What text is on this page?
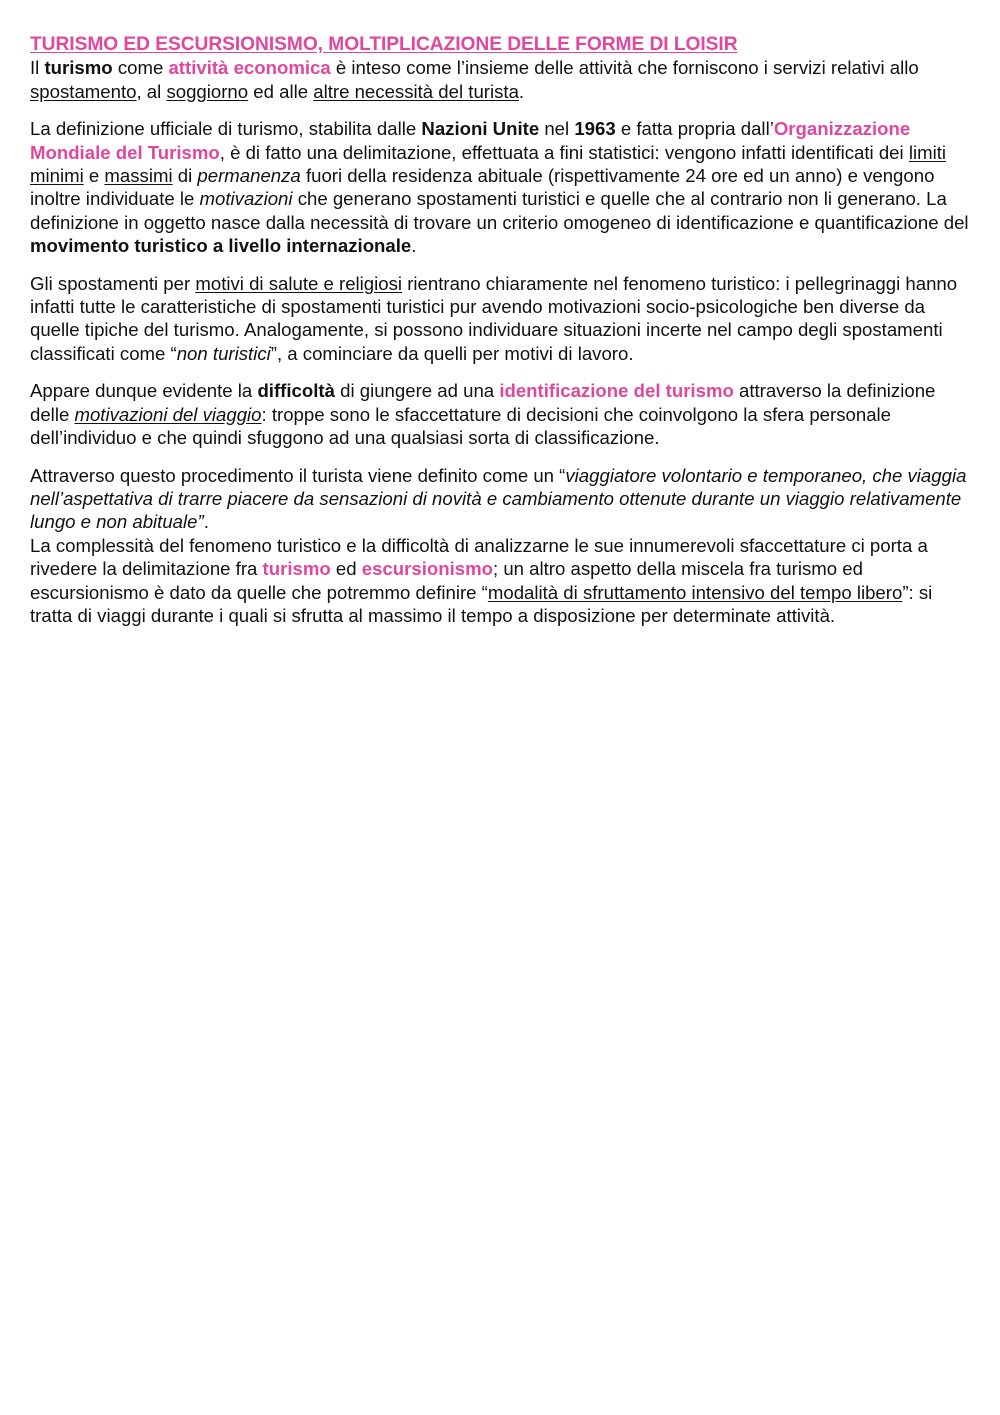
TURISMO ED ESCURSIONISMO, MOLTIPLICAZIONE DELLE FORME DI LOISIR

Il turismo come attività economica è inteso come l’insieme delle attività che forniscono i servizi relativi allo spostamento, al soggiorno ed alle altre necessità del turista.

La definizione ufficiale di turismo, stabilita dalle Nazioni Unite nel 1963 e fatta propria dall’Organizzazione Mondiale del Turismo, è di fatto una delimitazione, effettuata a fini statistici: vengono infatti identificati dei limiti minimi e massimi di permanenza fuori della residenza abituale (rispettivamente 24 ore ed un anno) e vengono inoltre individuate le motivazioni che generano spostamenti turistici e quelle che al contrario non li generano. La definizione in oggetto nasce dalla necessità di trovare un criterio omogeneo di identificazione e quantificazione del movimento turistico a livello internazionale.

Gli spostamenti per motivi di salute e religiosi rientrano chiaramente nel fenomeno turistico: i pellegrinaggi hanno infatti tutte le caratteristiche di spostamenti turistici pur avendo motivazioni socio-psicologiche ben diverse da quelle tipiche del turismo. Analogamente, si possono individuare situazioni incerte nel campo degli spostamenti classificati come “non turistici”, a cominciare da quelli per motivi di lavoro.

Appare dunque evidente la difficoltà di giungere ad una identificazione del turismo attraverso la definizione delle motivazioni del viaggio: troppe sono le sfaccettature di decisioni che coinvolgono la sfera personale dell’individuo e che quindi sfuggono ad una qualsiasi sorta di classificazione.

Attraverso questo procedimento il turista viene definito come un “viaggiatore volontario e temporaneo, che viaggia nell’aspettativa di trarre piacere da sensazioni di novità e cambiamento ottenute durante un viaggio relativamente lungo e non abituale”.

La complessità del fenomeno turistico e la difficoltà di analizzarne le sue innumerevoli sfaccettature ci porta a rivedere la delimitazione fra turismo ed escursionismo; un altro aspetto della miscela fra turismo ed escursionismo è dato da quelle che potremmo definire “modalità di sfruttamento intensivo del tempo libero”: si tratta di viaggi durante i quali si sfrutta al massimo il tempo a disposizione per determinate attività.
